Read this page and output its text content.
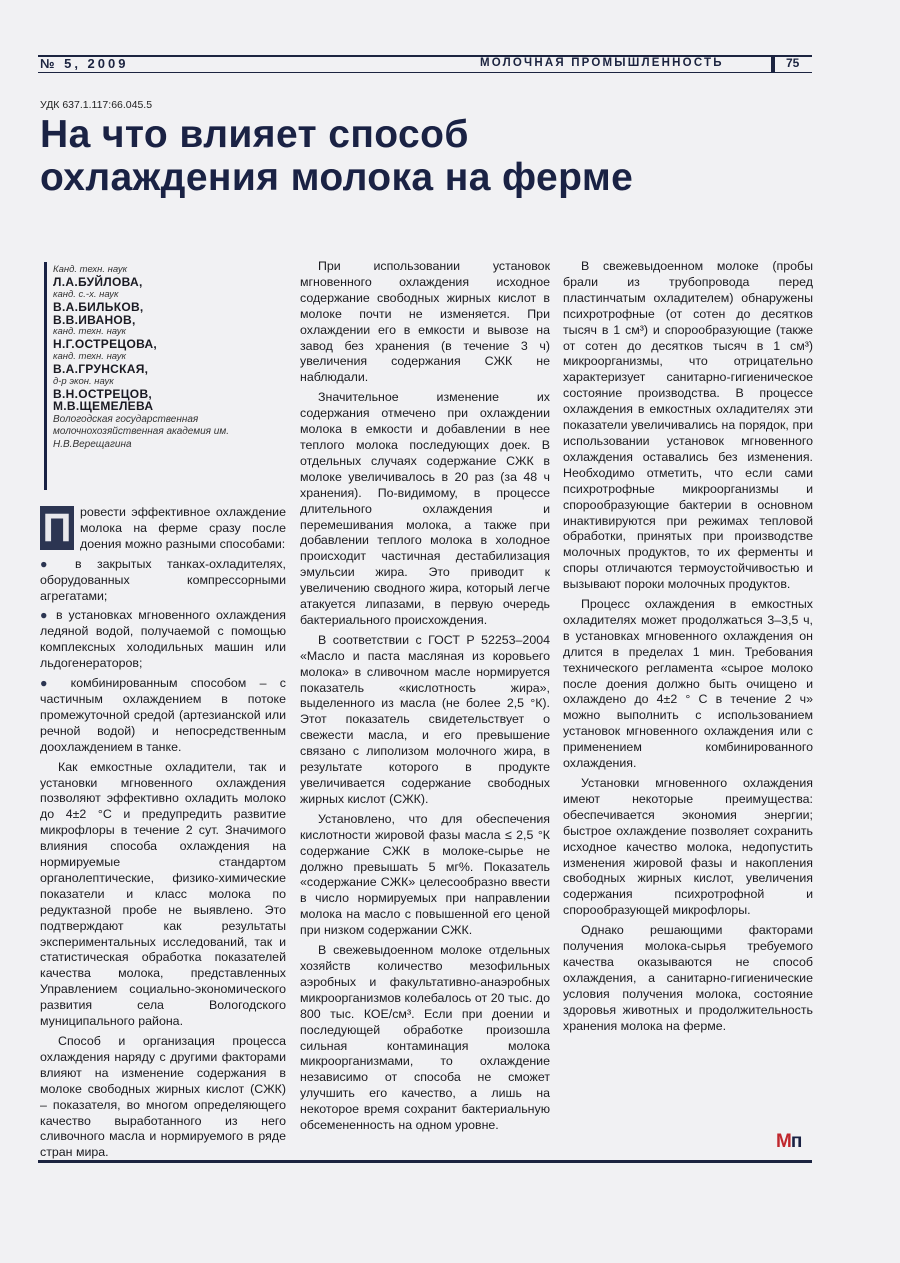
№ 5, 2009	МОЛОЧНАЯ ПРОМЫШЛЕННОСТЬ	75
УДК 637.1.117:66.045.5
На что влияет способ
охлаждения молока на ферме
Канд. техн. наук
Л.А.БУЙЛОВА,
канд. с.-х. наук
В.А.БИЛЬКОВ,
В.В.ИВАНОВ,
канд. техн. наук
Н.Г.ОСТРЕЦОВА,
канд. техн. наук
В.А.ГРУНСКАЯ,
д-р экон. наук
В.Н.ОСТРЕЦОВ,
М.В.ЩЕМЕЛЕВА
Вологодская государственная молочнохозяйственная академия им. Н.В.Верещагина

П ровести эффективное охлаждение молока на ферме сразу после доения можно разными способами:

● в закрытых танках-охладителях, оборудованных компрессорными агрегатами;

● в установках мгновенного охлаждения ледяной водой, получаемой с помощью комплексных холодильных машин или льдогенераторов;

● комбинированным способом – с частичным охлаждением в потоке промежуточной средой (артезианской или речной водой) и непосредственным доохлаждением в танке.

Как емкостные охладители, так и установки мгновенного охлаждения позволяют эффективно охладить молоко до 4±2 °С и предупредить развитие микрофлоры в течение 2 сут. Значимого влияния способа охлаждения на нормируемые стандартом органолептические, физико-химические показатели и класс молока по редуктазной пробе не выявлено. Это подтверждают как результаты экспериментальных исследований, так и статистическая обработка показателей качества молока, представленных Управлением социально-экономического развития села Вологодского муниципального района.

Способ и организация процесса охлаждения наряду с другими факторами влияют на изменение содержания в молоке свободных жирных кислот (СЖК) – показателя, во многом определяющего качество выработанного из него сливочного масла и нормируемого в ряде стран мира.

При использовании установок мгновенного охлаждения исходное содержание свободных жирных кислот в молоке почти не изменяется. При охлаждении его в емкости и вывозе на завод без хранения (в течение 3 ч) увеличения содержания СЖК не наблюдали.

Значительное изменение их содержания отмечено при охлаждении молока в емкости и добавлении в нее теплого молока последующих доек. В отдельных случаях содержание СЖК в молоке увеличивалось в 20 раз (за 48 ч хранения). По-видимому, в процессе длительного охлаждения и перемешивания молока, а также при добавлении теплого молока в холодное происходит частичная дестабилизация эмульсии жира. Это приводит к увеличению сводного жира, который легче атакуется липазами, в первую очередь бактериального происхождения.

В соответствии с ГОСТ Р 52253–2004 «Масло и паста масляная из коровьего молока» в сливочном масле нормируется показатель «кислотность жира», выделенного из масла (не более 2,5 °К). Этот показатель свидетельствует о свежести масла, и его превышение связано с липолизом молочного жира, в результате которого в продукте увеличивается содержание свободных жирных кислот (СЖК).

Установлено, что для обеспечения кислотности жировой фазы масла ≤ 2,5 °К содержание СЖК в молоке-сырье не должно превышать 5 мг%. Показатель «содержание СЖК» целесообразно ввести в число нормируемых при направлении молока на масло с повышенной его ценой при низком содержании СЖК.

В свежевыдоенном молоке отдельных хозяйств количество мезофильных аэробных и факультативно-анаэробных микроорганизмов колебалось от 20 тыс. до 800 тыс. КОЕ/см³. Если при доении и последующей обработке произошла сильная контаминация молока микроорганизмами, то охлаждение независимо от способа не сможет улучшить его качество, а лишь на некоторое время сохранит бактериальную обсемененность на одном уровне.

В свежевыдоенном молоке (пробы брали из трубопровода перед пластинчатым охладителем) обнаружены психротрофные (от сотен до десятков тысяч в 1 см³) и спорообразующие (также от сотен до десятков тысяч в 1 см³) микроорганизмы, что отрицательно характеризует санитарно-гигиеническое состояние производства. В процессе охлаждения в емкостных охладителях эти показатели увеличивались на порядок, при использовании установок мгновенного охлаждения оставались без изменения. Необходимо отметить, что если сами психротрофные микроорганизмы и спорообразующие бактерии в основном инактивируются при режимах тепловой обработки, принятых при производстве молочных продуктов, то их ферменты и споры отличаются термоустойчивостью и вызывают пороки молочных продуктов.

Процесс охлаждения в емкостных охладителях может продолжаться 3–3,5 ч, в установках мгновенного охлаждения он длится в пределах 1 мин. Требования технического регламента «сырое молоко после доения должно быть очищено и охлаждено до 4±2 ° С в течение 2 ч» можно выполнить с использованием установок мгновенного охлаждения или с применением комбинированного охлаждения.

Установки мгновенного охлаждения имеют некоторые преимущества: обеспечивается экономия энергии; быстрое охлаждение позволяет сохранить исходное качество молока, недопустить изменения жировой фазы и накопления свободных жирных кислот, увеличения содержания психротрофной и спорообразующей микрофлоры.

Однако решающими факторами получения молока-сырья требуемого качества оказываются не способ охлаждения, а санитарно-гигиенические условия получения молока, состояние здоровья животных и продолжительность хранения молока на ферме.

Мп
